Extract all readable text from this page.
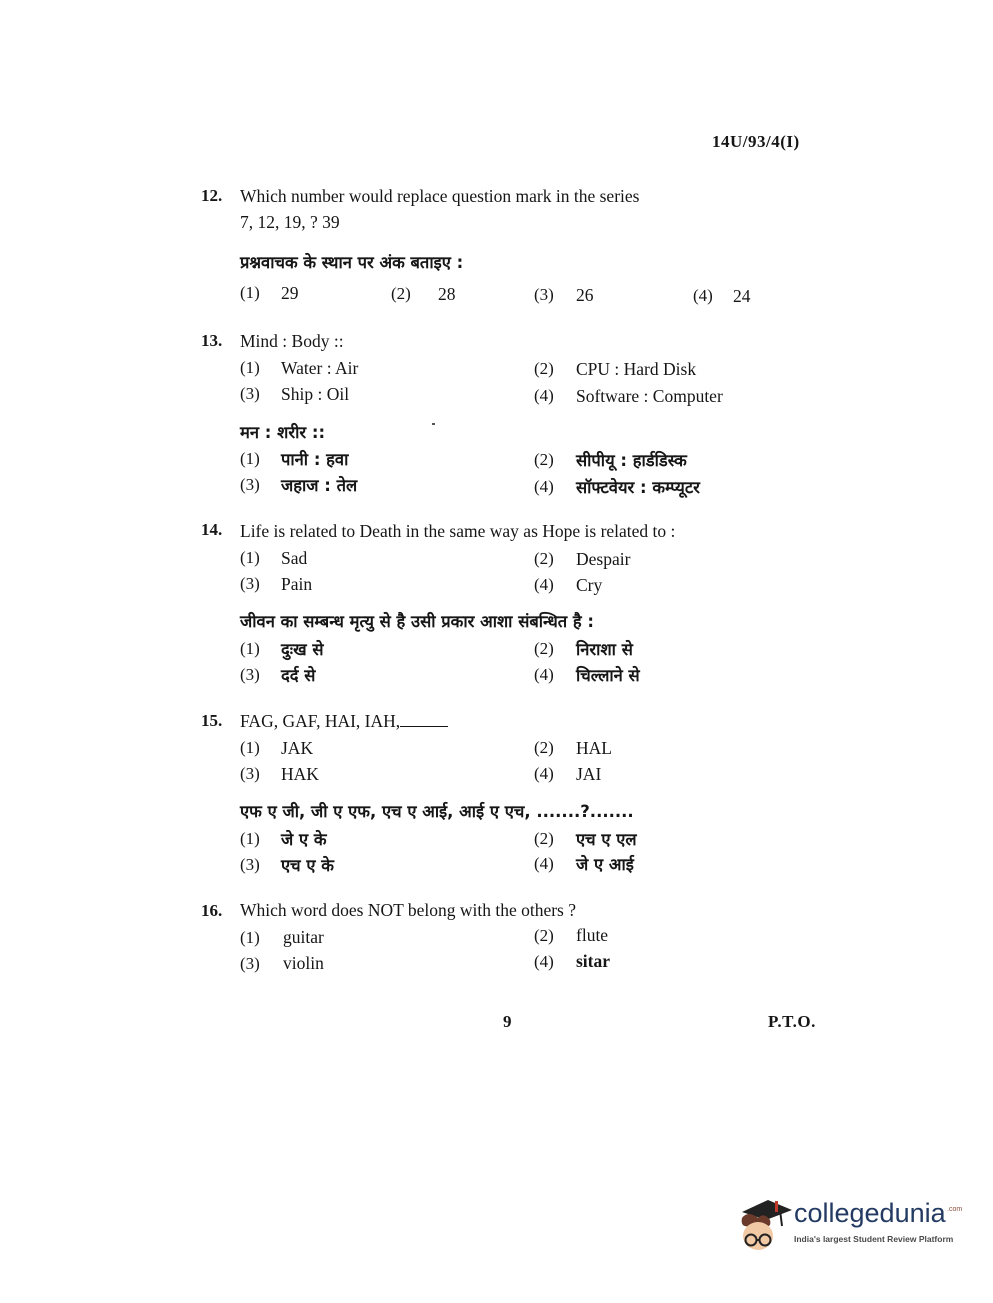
14U/93/4(I)
12. Which number would replace question mark in the series
7, 12, 19, ? 39
प्रश्नवाचक के स्थान पर अंक बताइए :
(1) 29	(2) 28	(3) 26	(4) 24
13. Mind : Body ::
(1) Water : Air	(2) CPU : Hard Disk
(3) Ship : Oil	(4) Software : Computer
मन : शरीर ::
(1) पानी : हवा	(2) सीपीयू : हार्डडिस्क
(3) जहाज : तेल	(4) सॉफ्टवेयर : कम्प्यूटर
14. Life is related to Death in the same way as Hope is related to :
(1) Sad	(2) Despair
(3) Pain	(4) Cry
जीवन का सम्बन्ध मृत्यु से है उसी प्रकार आशा संबन्धित है :
(1) दुःख से	(2) निराशा से
(3) दर्द से	(4) चिल्लाने से
15. FAG, GAF, HAI, IAH,
(1) JAK	(2) HAL
(3) HAK	(4) JAI
एफ ए जी, जी ए एफ, एच ए आई, आई ए एच, .......?.......
(1) जे ए के	(2) एच ए एल
(3) एच ए के	(4) जे ए आई
16. Which word does NOT belong with the others ?
(1) guitar	(2) flute
(3) violin	(4) sitar
9	P.T.O.
collegedunia .com
India's largest Student Review Platform
